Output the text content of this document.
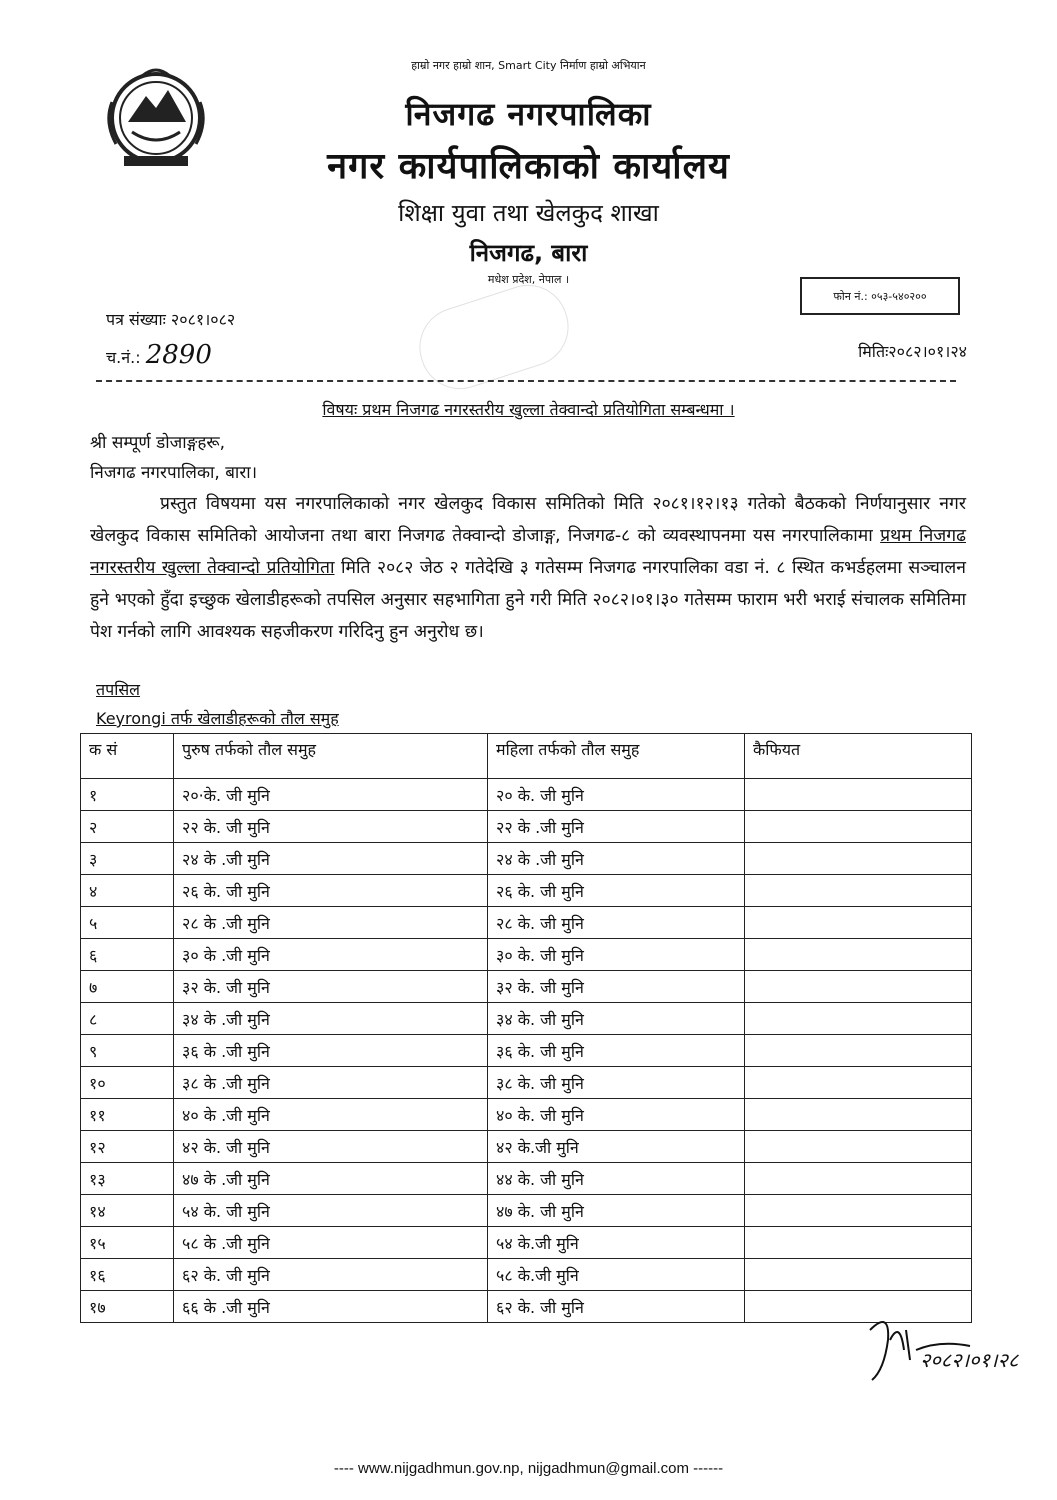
हाम्रो नगर हाम्रो शान, Smart City निर्माण हाम्रो अभियान
निजगढ नगरपालिका
नगर कार्यपालिकाको कार्यालय
शिक्षा युवा तथा खेलकुद शाखा
निजगढ, बारा
मधेश प्रदेश, नेपाल ।
फोन नं.: ०५३-५४०२००
पत्र संख्याः २०८१।०८२
च.नं.: 2890	मितिः२०८२।०१।२४
विषयः प्रथम निजगढ नगरस्तरीय खुल्ला तेक्वान्दो प्रतियोगिता सम्बन्धमा ।
श्री सम्पूर्ण डोजाङ्गहरू,
निजगढ नगरपालिका, बारा।
प्रस्तुत विषयमा यस नगरपालिकाको नगर खेलकुद विकास समितिको मिति २०८१।१२।१३ गतेको बैठकको निर्णयानुसार नगर खेलकुद विकास समितिको आयोजना तथा बारा निजगढ तेक्वान्दो डोजाङ्ग, निजगढ-८ को व्यवस्थापनमा यस नगरपालिकामा प्रथम निजगढ नगरस्तरीय खुल्ला तेक्वान्दो प्रतियोगिता मिति २०८२ जेठ २ गतेदेखि ३ गतेसम्म निजगढ नगरपालिका वडा नं. ८ स्थित कभर्डहलमा सञ्चालन हुने भएको हुँदा इच्छुक खेलाडीहरूको तपसिल अनुसार सहभागिता हुने गरी मिति २०८२।०१।३० गतेसम्म फाराम भरी भराई संचालक समितिमा पेश गर्नको लागि आवश्यक सहजीकरण गरिदिनु हुन अनुरोध छ।
तपसिल
Keyrongi तर्फ खेलाडीहरूको तौल समुह
क सं	पुरुष तर्फको तौल समुह	महिला तर्फको तौल समुह	कैफियत
१	२०·के. जी मुनि	२० के. जी मुनि	
२	२२ के. जी मुनि	२२ के .जी मुनि	
३	२४ के .जी मुनि	२४ के .जी मुनि	
४	२६ के. जी मुनि	२६ के. जी मुनि	
५	२८ के .जी मुनि	२८ के. जी मुनि	
६	३० के .जी मुनि	३० के. जी मुनि	
७	३२ के. जी मुनि	३२ के. जी मुनि	
८	३४ के .जी मुनि	३४ के. जी मुनि	
९	३६ के .जी मुनि	३६ के. जी मुनि	
१०	३८ के .जी मुनि	३८ के. जी मुनि	
११	४० के .जी मुनि	४० के. जी मुनि	
१२	४२ के. जी मुनि	४२ के.जी मुनि	
१३	४७ के .जी मुनि	४४ के. जी मुनि	
१४	५४ के. जी मुनि	४७ के. जी मुनि	
१५	५८ के .जी मुनि	५४ के.जी मुनि	
१६	६२ के. जी मुनि	५८ के.जी मुनि	
१७	६६ के .जी मुनि	६२ के. जी मुनि	
२०८२।०१।२८
---- www.nijgadhmun.gov.np, nijgadhmun@gmail.com ------
